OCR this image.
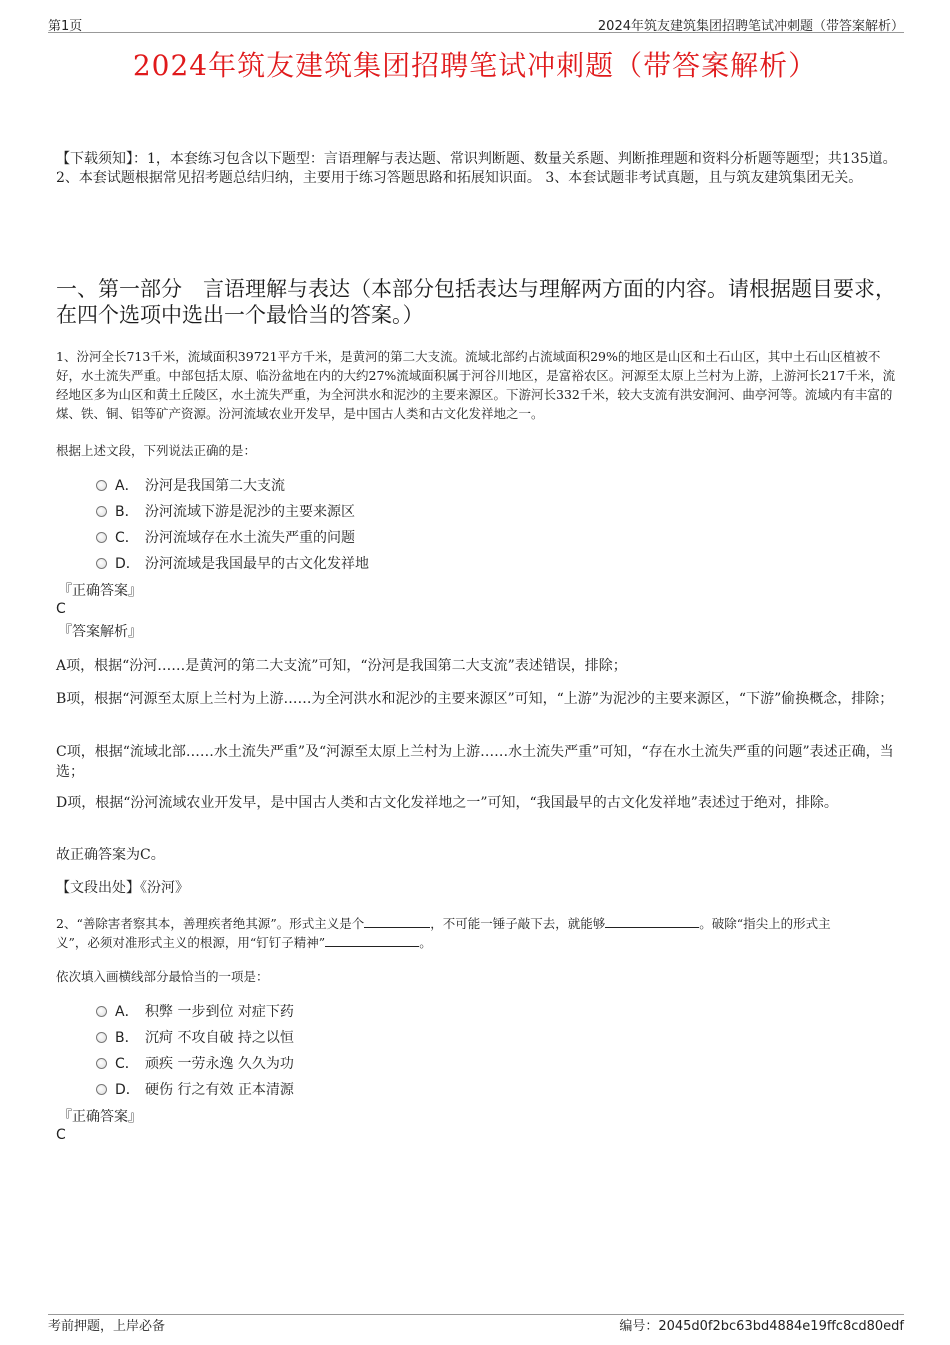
第1页	2024年筑友建筑集团招聘笔试冲刺题（带答案解析）
2024年筑友建筑集团招聘笔试冲刺题（带答案解析）
【下载须知】：1，本套练习包含以下题型：言语理解与表达题、常识判断题、数量关系题、判断推理题和资料分析题等题型；共135道。 2、本套试题根据常见招考题总结归纳，主要用于练习答题思路和拓展知识面。 3、本套试题非考试真题，且与筑友建筑集团无关。
一、第一部分　言语理解与表达（本部分包括表达与理解两方面的内容。请根据题目要求，在四个选项中选出一个最恰当的答案。）
1、汾河全长713千米，流域面积39721平方千米，是黄河的第二大支流。流域北部约占流域面积29%的地区是山区和土石山区，其中土石山区植被不好，水土流失严重。中部包括太原、临汾盆地在内的大约27%流域面积属于河谷川地区，是富裕农区。河源至太原上兰村为上游，上游河长217千米，流经地区多为山区和黄土丘陵区，水土流失严重，为全河洪水和泥沙的主要来源区。下游河长332千米，较大支流有洪安涧河、曲亭河等。流域内有丰富的煤、铁、铜、铝等矿产资源。汾河流域农业开发早，是中国古人类和古文化发祥地之一。
根据上述文段，下列说法正确的是：
A． 汾河是我国第二大支流
B． 汾河流域下游是泥沙的主要来源区
C． 汾河流域存在水土流失严重的问题
D． 汾河流域是我国最早的古文化发祥地
『正确答案』
C
『答案解析』
A项，根据“汾河……是黄河的第二大支流”可知，“汾河是我国第二大支流”表述错误，排除；
B项，根据“河源至太原上兰村为上游……为全河洪水和泥沙的主要来源区”可知，“上游”为泥沙的主要来源区，“下游”偷换概念，排除；
C项，根据“流域北部……水土流失严重”及“河源至太原上兰村为上游……水土流失严重”可知，“存在水土流失严重的问题”表述正确，当选；
D项，根据“汾河流域农业开发早，是中国古人类和古文化发祥地之一”可知，“我国最早的古文化发祥地”表述过于绝对，排除。
故正确答案为C。
【文段出处】《汾河》
2、“善除害者察其本，善理疾者绝其源”。形式主义是个	，不可能一锤子敲下去，就能够	。破除“指尖上的形式主
义”，必须对准形式主义的根源，用“钉钉子精神”	。
依次填入画横线部分最恰当的一项是：
A． 积弊 一步到位 对症下药
B． 沉疴 不攻自破 持之以恒
C． 顽疾 一劳永逸 久久为功
D． 硬伤 行之有效 正本清源
『正确答案』
C
考前押题，上岸必备	编号：2045d0f2bc63bd4884e19ffc8cd80edf
